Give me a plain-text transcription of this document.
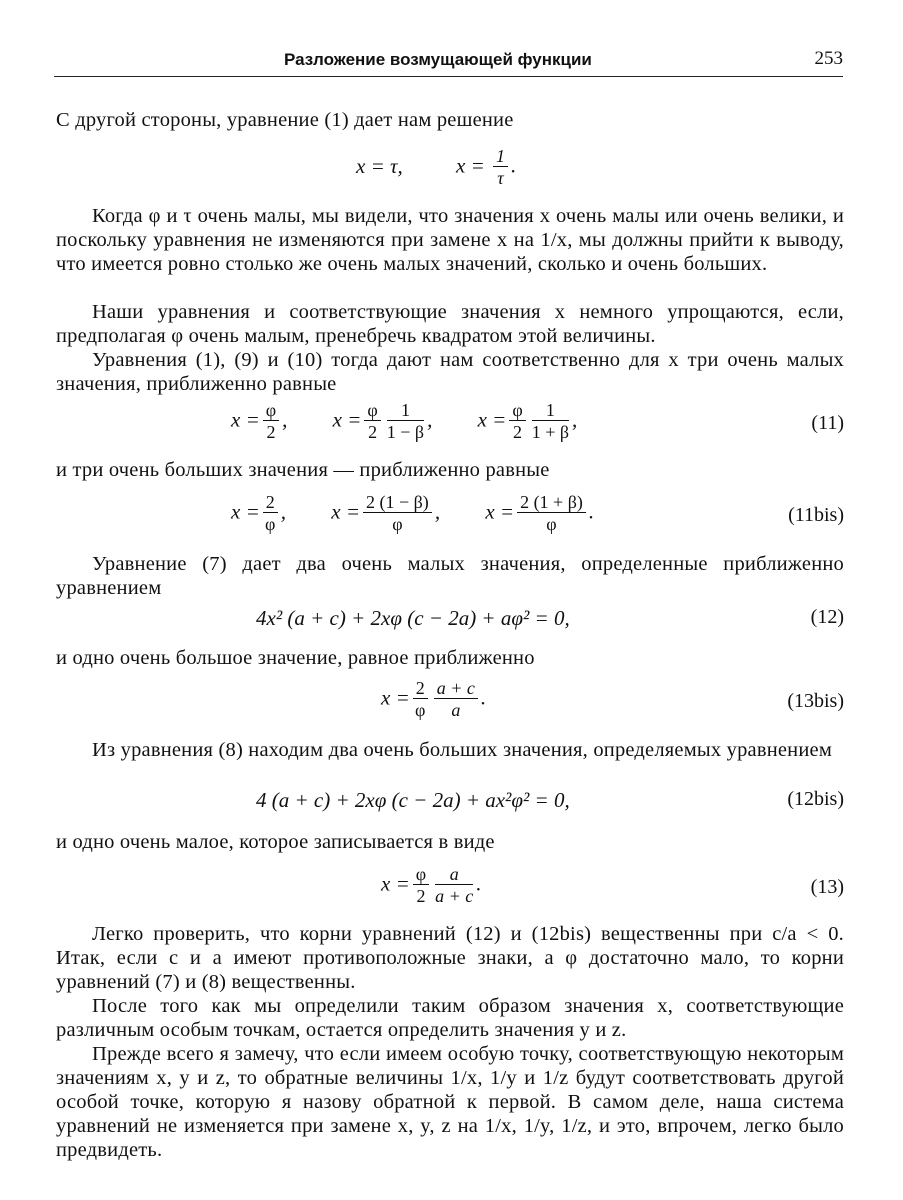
Разложение возмущающей функции	253
С другой стороны, уравнение (1) дает нам решение
x = τ,	$x = \frac{1}{\tau}$ .
Когда φ и τ очень малы, мы видели, что значения x очень малы или очень велики, и поскольку уравнения не изменяются при замене x на 1/x, мы должны прийти к выводу, что имеется ровно столько же очень малых значений, сколько и очень больших.
Наши уравнения и соответствующие значения x немного упрощаются, если, предполагая φ очень малым, пренебречь квадратом этой величины.
Уравнения (1), (9) и (10) тогда дают нам соответственно для x три очень малых значения, приближенно равные
$x = \frac{\varphi}{2}$ , $x = \frac{\varphi}{2} \frac{1}{1 - \beta}$ , $x = \frac{\varphi}{2} \frac{1}{1 + \beta}$ ,	(11)
и три очень больших значения — приближенно равные
$x = \frac{2}{\varphi}$ , $x = \frac{2 (1 - \beta)}{\varphi}$ , $x = \frac{2 (1 + \beta)}{\varphi}$ .	(11bis)
Уравнение (7) дает два очень малых значения, определенные приближенно уравнением
4x² (a + c) + 2xφ (c − 2a) + aφ² = 0,	(12)
и одно очень большое значение, равное приближенно
$x = \frac{2}{\varphi} \frac{a + c}{a}$ .	(13bis)
Из уравнения (8) находим два очень больших значения, определяемых уравнением
4 (a + c) + 2xφ (c − 2a) + ax²φ² = 0,	(12bis)
и одно очень малое, которое записывается в виде
$x = \frac{\varphi}{2} \frac{a}{a + c}$ .	(13)
Легко проверить, что корни уравнений (12) и (12bis) вещественны при c/a < 0. Итак, если c и a имеют противоположные знаки, а φ достаточно мало, то корни уравнений (7) и (8) вещественны.
После того как мы определили таким образом значения x, соответствующие различным особым точкам, остается определить значения y и z.
Прежде всего я замечу, что если имеем особую точку, соответствующую некоторым значениям x, y и z, то обратные величины 1/x, 1/y и 1/z будут соответствовать другой особой точке, которую я назову обратной к первой. В самом деле, наша система уравнений не изменяется при замене x, y, z на 1/x, 1/y, 1/z, и это, впрочем, легко было предвидеть.
